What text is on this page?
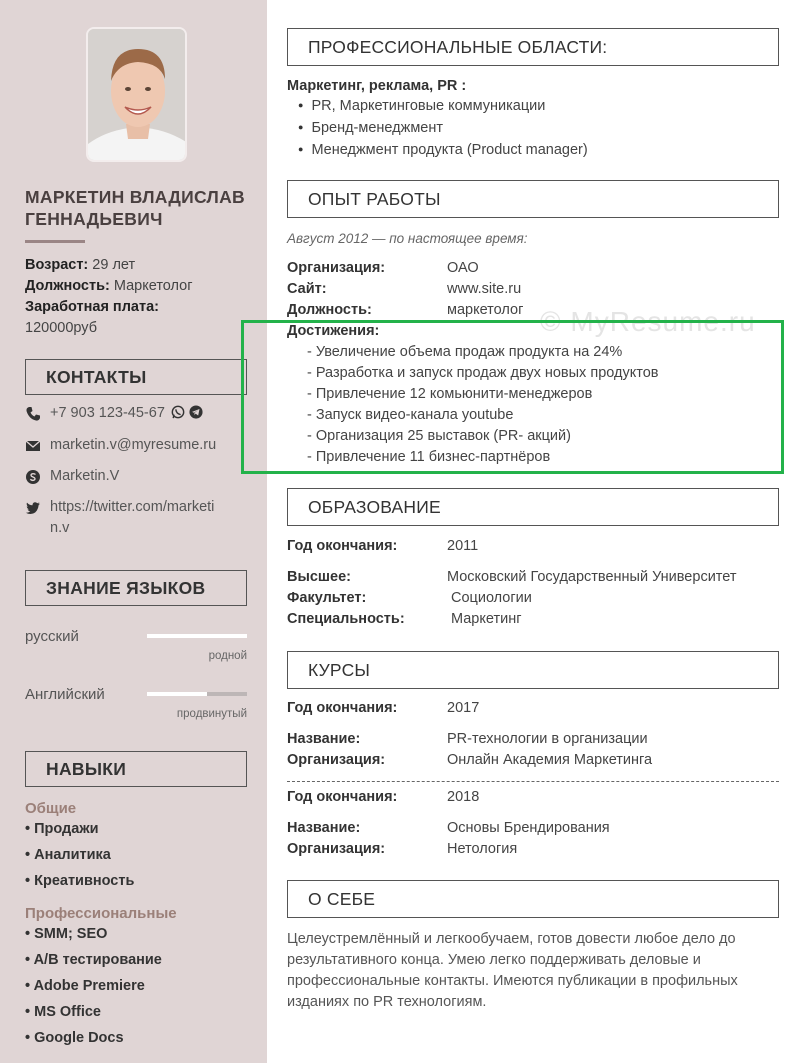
МАРКЕТИН ВЛАДИСЛАВ ГЕННАДЬЕВИЧ
Возраст: 29 лет
Должность: Маркетолог
Заработная плата:
120000руб
КОНТАКТЫ
+7 903 123-45-67
marketin.v@myresume.ru
Marketin.V
https://twitter.com/marketi
n.v
ЗНАНИЕ ЯЗЫКОВ
русский
родной
Английский
продвинутый
НАВЫКИ
Общие
• Продажи
• Аналитика
• Креативность
Профессиональные
• SMM; SEO
• A/B тестирование
• Adobe Premiere
• MS Office
• Google Docs
ПРОФЕССИОНАЛЬНЫЕ ОБЛАСТИ:
Маркетинг, реклама, PR :
● PR, Маркетинговые коммуникации
● Бренд-менеджмент
● Менеджмент продукта (Product manager)
ОПЫТ РАБОТЫ
Август 2012 — по настоящее время:
Организация:	ОАО
Сайт:	www.site.ru
Должность:	маркетолог © MyResume.ru
Достижения:
- Увеличение объема продаж продукта на 24%
- Разработка и запуск продаж двух новых продуктов
- Привлечение 12 комьюнити-менеджеров
- Запуск видео-канала youtube
- Организация 25 выставок (PR- акций)
- Привлечение 11 бизнес-партнёров
ОБРАЗОВАНИЕ
Год окончания:	2011
Высшее:	Московский Государственный Университет
Факультет:	Социологии
Специальность:	Маркетинг
КУРСЫ
Год окончания:	2017
Название:	PR-технологии в организации
Организация:	Онлайн Академия Маркетинга
Год окончания:	2018
Название:	Основы Брендирования
Организация:	Нетология
О СЕБЕ
Целеустремлённый и легкообучаем, готов довести любое дело до
результативного конца. Умею легко поддерживать деловые и
профессиональные контакты. Имеются публикации в профильных
изданиях по PR технологиям.
